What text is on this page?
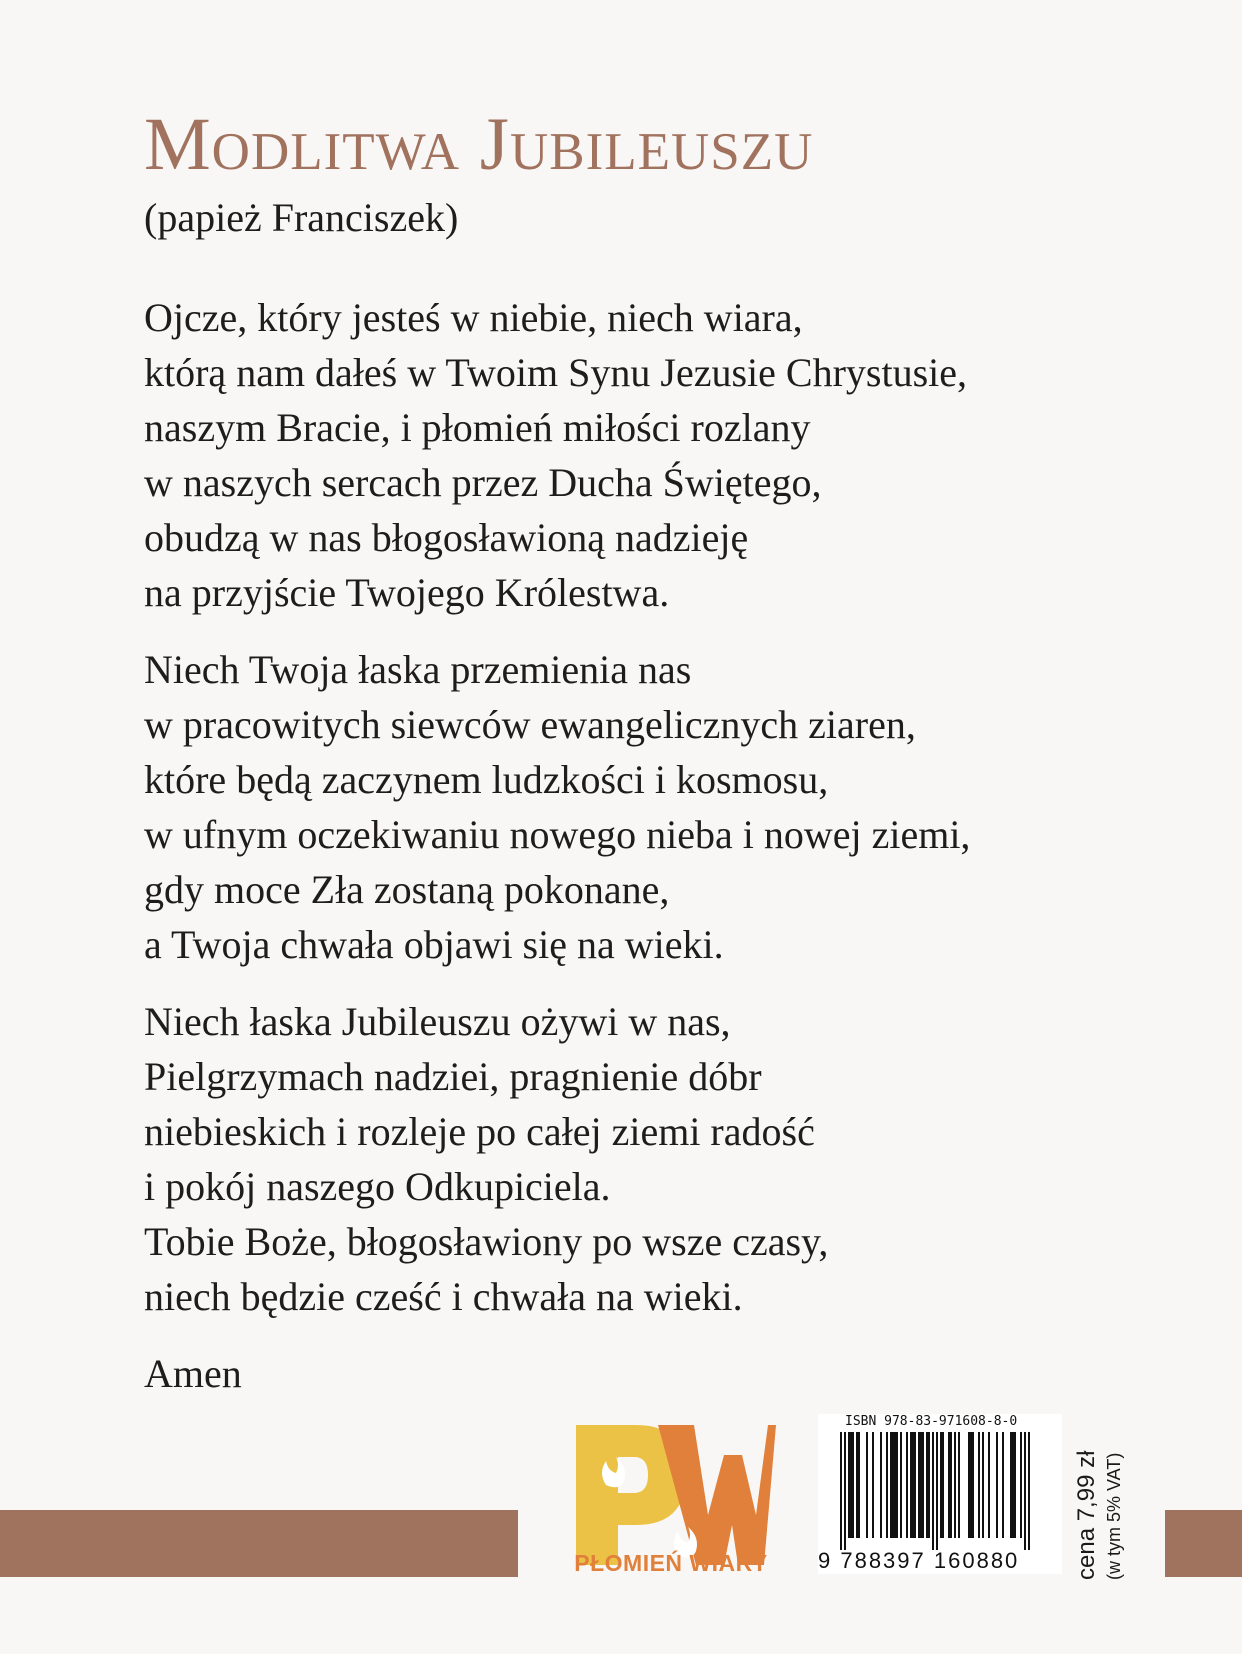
Modlitwa Jubileuszu
(papież Franciszek)
Ojcze, który jesteś w niebie, niech wiara,
którą nam dałeś w Twoim Synu Jezusie Chrystusie,
naszym Bracie, i płomień miłości rozlany
w naszych sercach przez Ducha Świętego,
obudzą w nas błogosławioną nadzieję
na przyjście Twojego Królestwa.
Niech Twoja łaska przemienia nas
w pracowitych siewców ewangelicznych ziaren,
które będą zaczynem ludzkości i kosmosu,
w ufnym oczekiwaniu nowego nieba i nowej ziemi,
gdy moce Zła zostaną pokonane,
a Twoja chwała objawi się na wieki.
Niech łaska Jubileuszu ożywi w nas,
Pielgrzymach nadziei, pragnienie dóbr
niebieskich i rozleje po całej ziemi radość
i pokój naszego Odkupiciela.
Tobie Boże, błogosławiony po wsze czasy,
niech będzie cześć i chwała na wieki.
Amen
PŁOMIEŃ WIARY
ISBN 978-83-971608-8-0
9 788397 160880 cena 7,99 zł (w tym 5% VAT)
